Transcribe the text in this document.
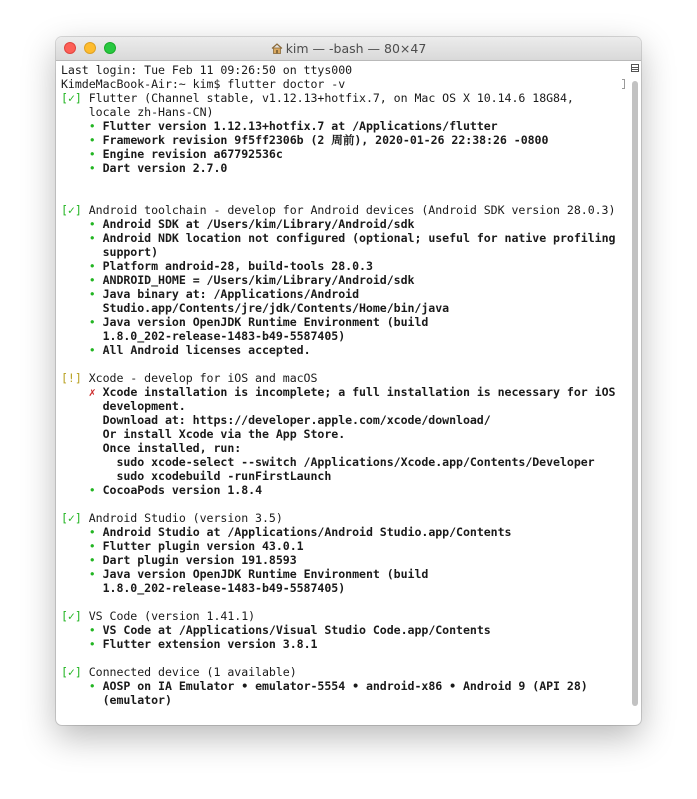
kim — -bash — 80×47
Last login: Tue Feb 11 09:26:50 on ttys000
KimdeMacBook-Air:~ kim$ flutter doctor -v
[✓] Flutter (Channel stable, v1.12.13+hotfix.7, on Mac OS X 10.14.6 18G84,
locale zh-Hans-CN)
• Flutter version 1.12.13+hotfix.7 at /Applications/flutter
• Framework revision 9f5ff2306b (2 周前), 2020-01-26 22:38:26 -0800
• Engine revision a67792536c
• Dart version 2.7.0
[✓] Android toolchain - develop for Android devices (Android SDK version 28.0.3)
• Android SDK at /Users/kim/Library/Android/sdk
• Android NDK location not configured (optional; useful for native profiling
support)
• Platform android-28, build-tools 28.0.3
• ANDROID_HOME = /Users/kim/Library/Android/sdk
• Java binary at: /Applications/Android
Studio.app/Contents/jre/jdk/Contents/Home/bin/java
• Java version OpenJDK Runtime Environment (build
1.8.0_202-release-1483-b49-5587405)
• All Android licenses accepted.
[!] Xcode - develop for iOS and macOS
✗ Xcode installation is incomplete; a full installation is necessary for iOS
development.
Download at: https://developer.apple.com/xcode/download/
Or install Xcode via the App Store.
Once installed, run:
sudo xcode-select --switch /Applications/Xcode.app/Contents/Developer
sudo xcodebuild -runFirstLaunch
• CocoaPods version 1.8.4
[✓] Android Studio (version 3.5)
• Android Studio at /Applications/Android Studio.app/Contents
• Flutter plugin version 43.0.1
• Dart plugin version 191.8593
• Java version OpenJDK Runtime Environment (build
1.8.0_202-release-1483-b49-5587405)
[✓] VS Code (version 1.41.1)
• VS Code at /Applications/Visual Studio Code.app/Contents
• Flutter extension version 3.8.1
[✓] Connected device (1 available)
• AOSP on IA Emulator • emulator-5554 • android-x86 • Android 9 (API 28)
(emulator)
